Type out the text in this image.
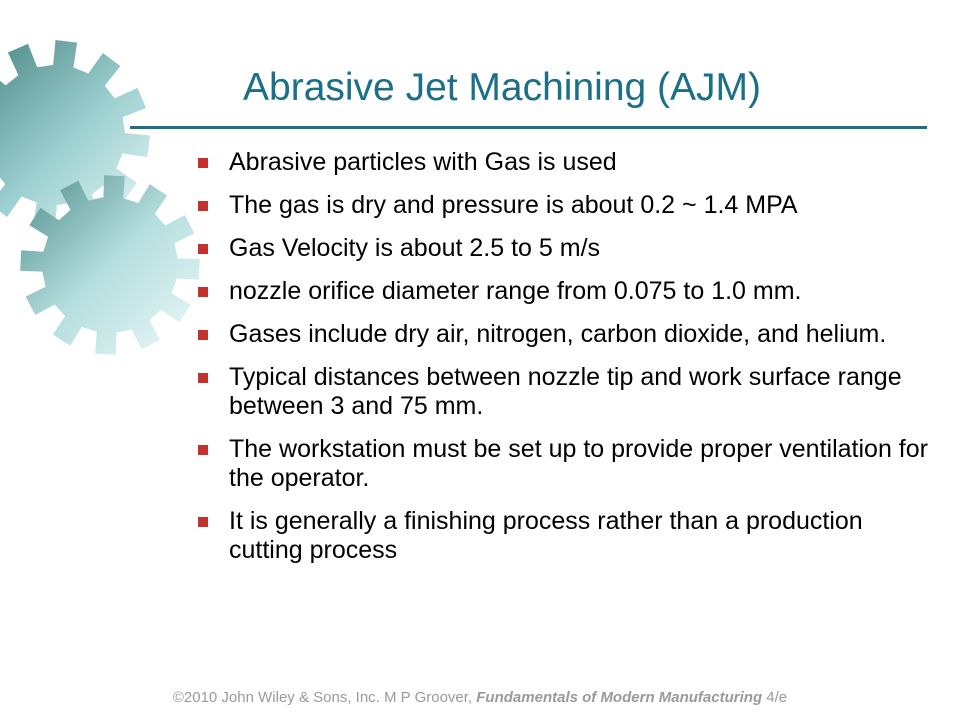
Abrasive Jet Machining (AJM)
Abrasive particles with Gas is used
The gas is dry and pressure is about 0.2 ~ 1.4 MPA
Gas Velocity is about 2.5 to 5 m/s
nozzle orifice diameter range from 0.075 to 1.0 mm.
Gases include dry air, nitrogen, carbon dioxide, and helium.
Typical distances between nozzle tip and work surface range between 3 and 75 mm.
The workstation must be set up to provide proper ventilation for the operator.
It is generally a finishing process rather than a production cutting process
©2010 John Wiley & Sons, Inc. M P Groover, Fundamentals of Modern Manufacturing 4/e
